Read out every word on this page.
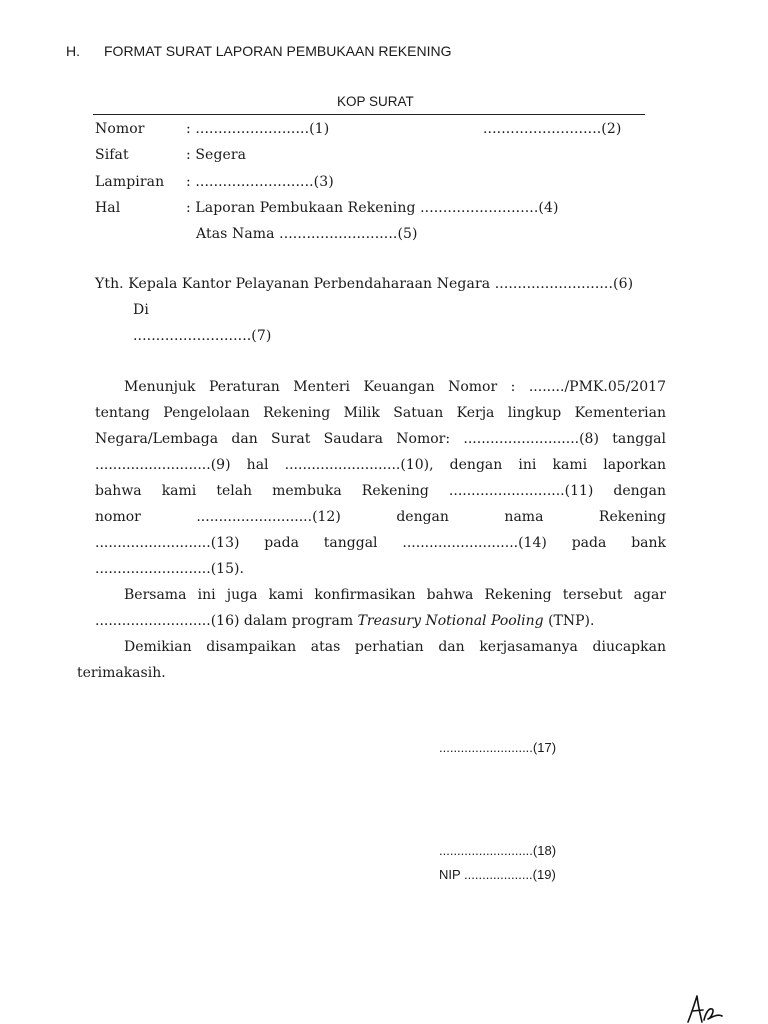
H. FORMAT SURAT LAPORAN PEMBUKAAN REKENING
KOP SURAT
Nomor	: .........................(1)	..........................(2)
Sifat	: Segera
Lampiran : ..........................(3)
Hal	: Laporan Pembukaan Rekening ..........................(4)
Atas Nama ..........................(5)
Yth. Kepala Kantor Pelayanan Perbendaharaan Negara ..........................(6)
Di
..........................(7)
Menunjuk Peraturan Menteri Keuangan Nomor : ......../PMK.05/2017
tentang Pengelolaan Rekening Milik Satuan Kerja lingkup Kementerian
Negara/Lembaga dan Surat Saudara Nomor: ..........................(8) tanggal
..........................(9) hal ..........................(10), dengan ini kami laporkan
bahwa kami telah membuka Rekening ..........................(11) dengan
nomor ..........................(12) dengan nama Rekening
..........................(13) pada tanggal ..........................(14) pada bank
..........................(15).
Bersama ini juga kami konfirmasikan bahwa Rekening tersebut agar
..........................(16) dalam program Treasury Notional Pooling (TNP).
Demikian disampaikan atas perhatian dan kerjasamanya diucapkan
terimakasih.
..........................(17)
..........................(18)
NIP ...................(19)
